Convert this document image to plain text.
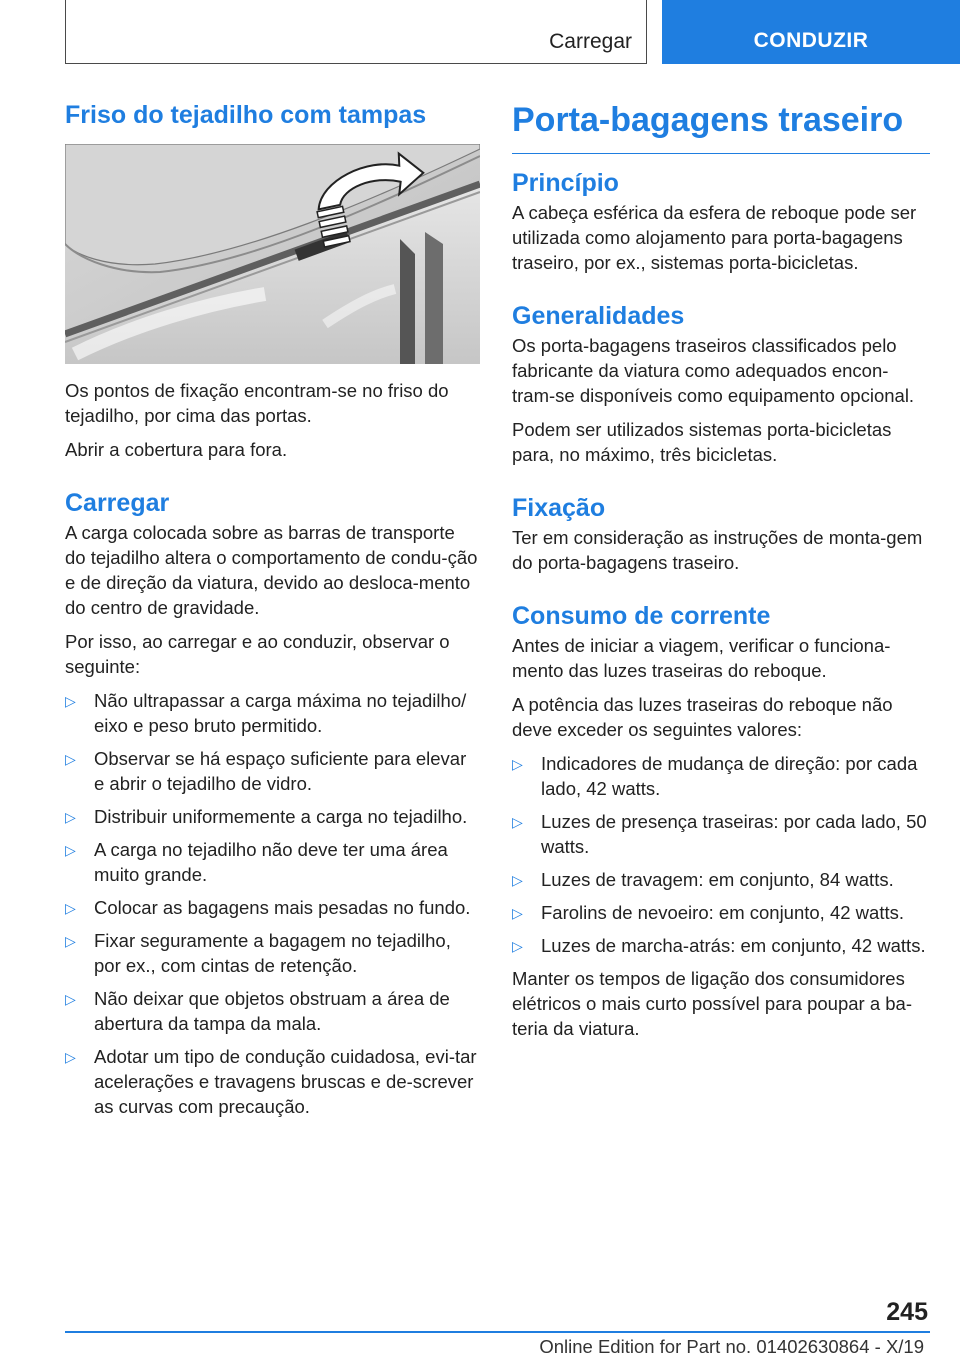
Carregar	CONDUZIR
Friso do tejadilho com tampas

Os pontos de fixação encontram-se no friso do tejadilho, por cima das portas.

Abrir a cobertura para fora.

Carregar

A carga colocada sobre as barras de transporte do tejadilho altera o comportamento de condu-ção e de direção da viatura, devido ao desloca-mento do centro de gravidade.

Por isso, ao carregar e ao conduzir, observar o seguinte:

▷ Não ultrapassar a carga máxima no tejadilho/ eixo e peso bruto permitido.
▷ Observar se há espaço suficiente para elevar e abrir o tejadilho de vidro.
▷ Distribuir uniformemente a carga no tejadilho.
▷ A carga no tejadilho não deve ter uma área muito grande.
▷ Colocar as bagagens mais pesadas no fundo.
▷ Fixar seguramente a bagagem no tejadilho, por ex., com cintas de retenção.
▷ Não deixar que objetos obstruam a área de abertura da tampa da mala.
▷ Adotar um tipo de condução cuidadosa, evi-tar acelerações e travagens bruscas e de-screver as curvas com precaução.
Porta-bagagens traseiro
Princípio

A cabeça esférica da esfera de reboque pode ser utilizada como alojamento para porta-bagagens traseiro, por ex., sistemas porta-bicicletas.

Generalidades

Os porta-bagagens traseiros classificados pelo fabricante da viatura como adequados encon-tram-se disponíveis como equipamento opcional.

Podem ser utilizados sistemas porta-bicicletas para, no máximo, três bicicletas.

Fixação

Ter em consideração as instruções de monta-gem do porta-bagagens traseiro.

Consumo de corrente

Antes de iniciar a viagem, verificar o funciona-mento das luzes traseiras do reboque.

A potência das luzes traseiras do reboque não deve exceder os seguintes valores:

▷ Indicadores de mudança de direção: por cada lado, 42 watts.
▷ Luzes de presença traseiras: por cada lado, 50 watts.
▷ Luzes de travagem: em conjunto, 84 watts.
▷ Farolins de nevoeiro: em conjunto, 42 watts.
▷ Luzes de marcha-atrás: em conjunto, 42 watts.

Manter os tempos de ligação dos consumidores elétricos o mais curto possível para poupar a ba-teria da viatura.

245
Online Edition for Part no. 01402630864 - X/19
